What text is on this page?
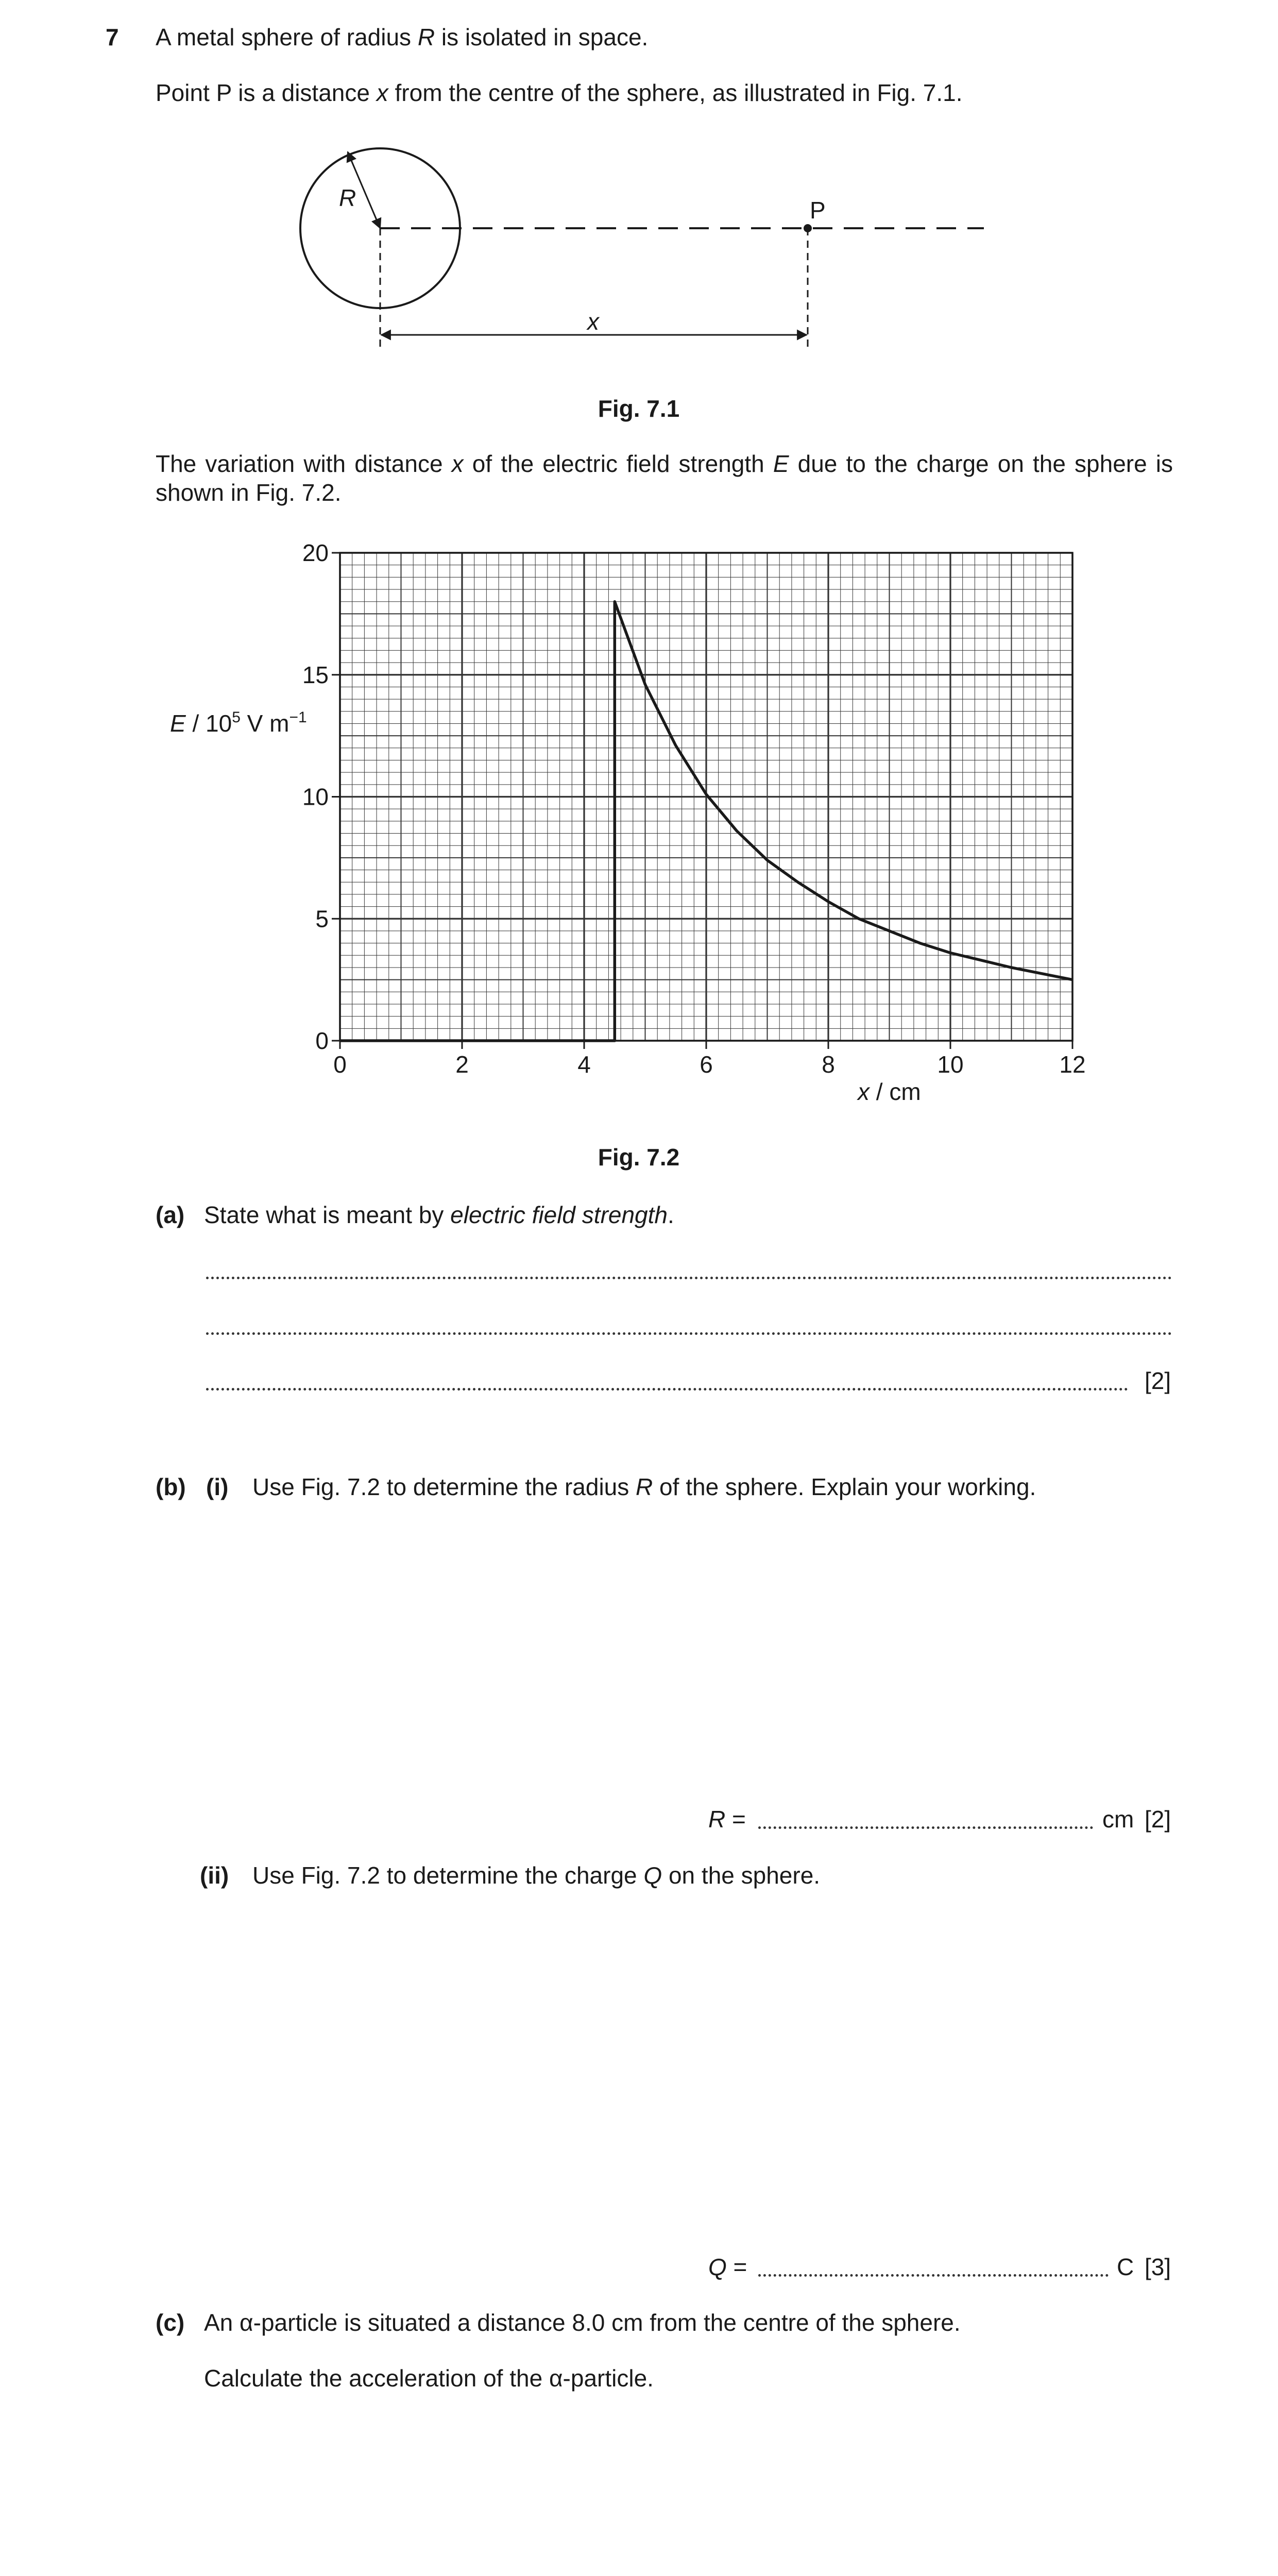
7 A metal sphere of radius R is isolated in space.
Point P is a distance x from the centre of the sphere, as illustrated in Fig. 7.1.
R	P
x
Fig. 7.1
The variation with distance x of the electric field strength E due to the charge on the sphere is shown in Fig. 7.2.
0	2	4	6	8	10	12
0
5
10
15
20
E / $10^5$ V $m^{-1}$
x / cm
Fig. 7.2
(a) State what is meant by electric field strength.
[2]
(b) (i) Use Fig. 7.2 to determine the radius R of the sphere. Explain your working.
R =	cm [2]
(ii) Use Fig. 7.2 to determine the charge Q on the sphere.
Q =	C [3]
(c) An α-particle is situated a distance 8.0 cm from the centre of the sphere.
Calculate the acceleration of the α-particle.
